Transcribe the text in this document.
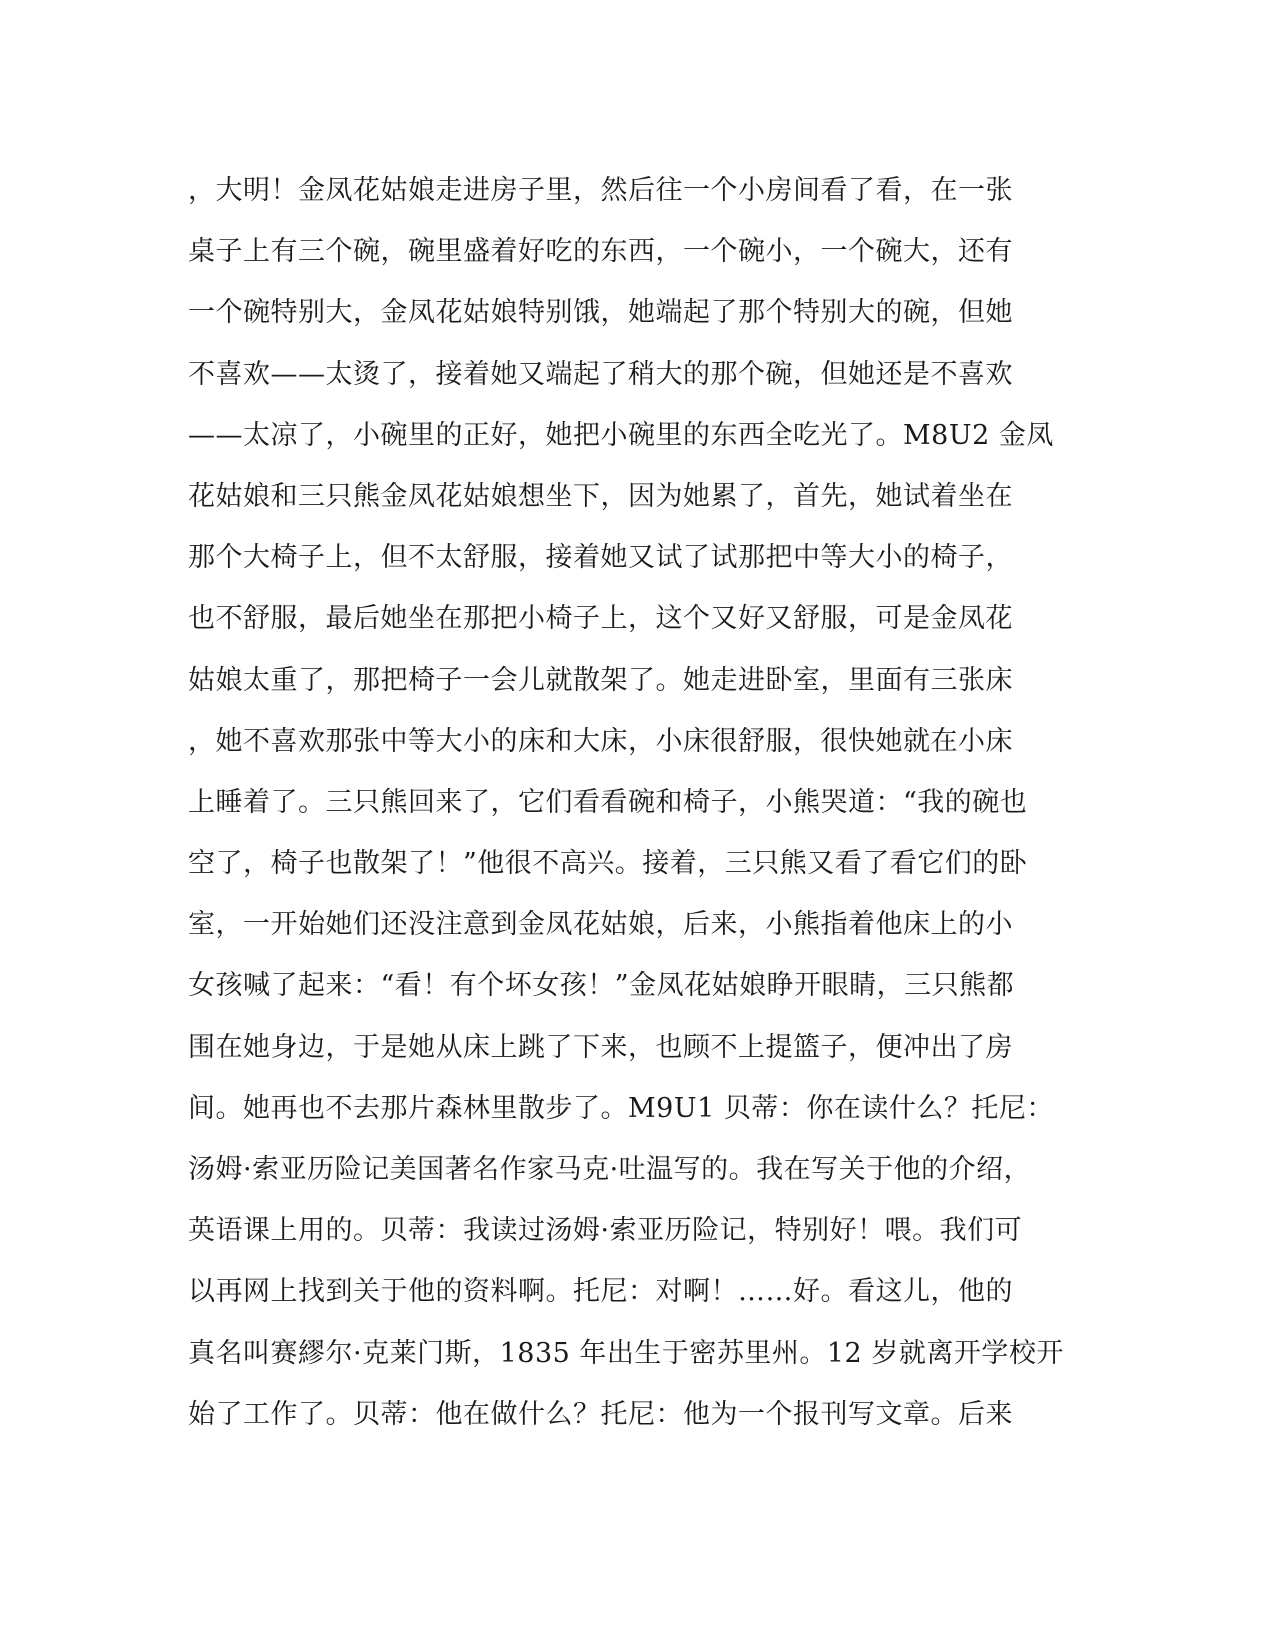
，大明！金凤花姑娘走进房子里，然后往一个小房间看了看，在一张
桌子上有三个碗，碗里盛着好吃的东西，一个碗小，一个碗大，还有
一个碗特别大，金凤花姑娘特别饿，她端起了那个特别大的碗，但她
不喜欢——太烫了，接着她又端起了稍大的那个碗，但她还是不喜欢
——太凉了，小碗里的正好，她把小碗里的东西全吃光了。M8U2 金凤
花姑娘和三只熊金凤花姑娘想坐下，因为她累了，首先，她试着坐在
那个大椅子上，但不太舒服，接着她又试了试那把中等大小的椅子，
也不舒服，最后她坐在那把小椅子上，这个又好又舒服，可是金凤花
姑娘太重了，那把椅子一会儿就散架了。她走进卧室，里面有三张床
，她不喜欢那张中等大小的床和大床，小床很舒服，很快她就在小床
上睡着了。三只熊回来了，它们看看碗和椅子，小熊哭道：“我的碗也
空了，椅子也散架了！”他很不高兴。接着，三只熊又看了看它们的卧
室，一开始她们还没注意到金凤花姑娘，后来，小熊指着他床上的小
女孩喊了起来：“看！有个坏女孩！”金凤花姑娘睁开眼睛，三只熊都
围在她身边，于是她从床上跳了下来，也顾不上提篮子，便冲出了房
间。她再也不去那片森林里散步了。M9U1 贝蒂：你在读什么？托尼：
汤姆·索亚历险记美国著名作家马克·吐温写的。我在写关于他的介绍，
英语课上用的。贝蒂：我读过汤姆·索亚历险记，特别好！喂。我们可
以再网上找到关于他的资料啊。托尼：对啊！……好。看这儿，他的
真名叫赛繆尔·克莱门斯，1835 年出生于密苏里州。12 岁就离开学校开
始了工作了。贝蒂：他在做什么？托尼：他为一个报刊写文章。后来
